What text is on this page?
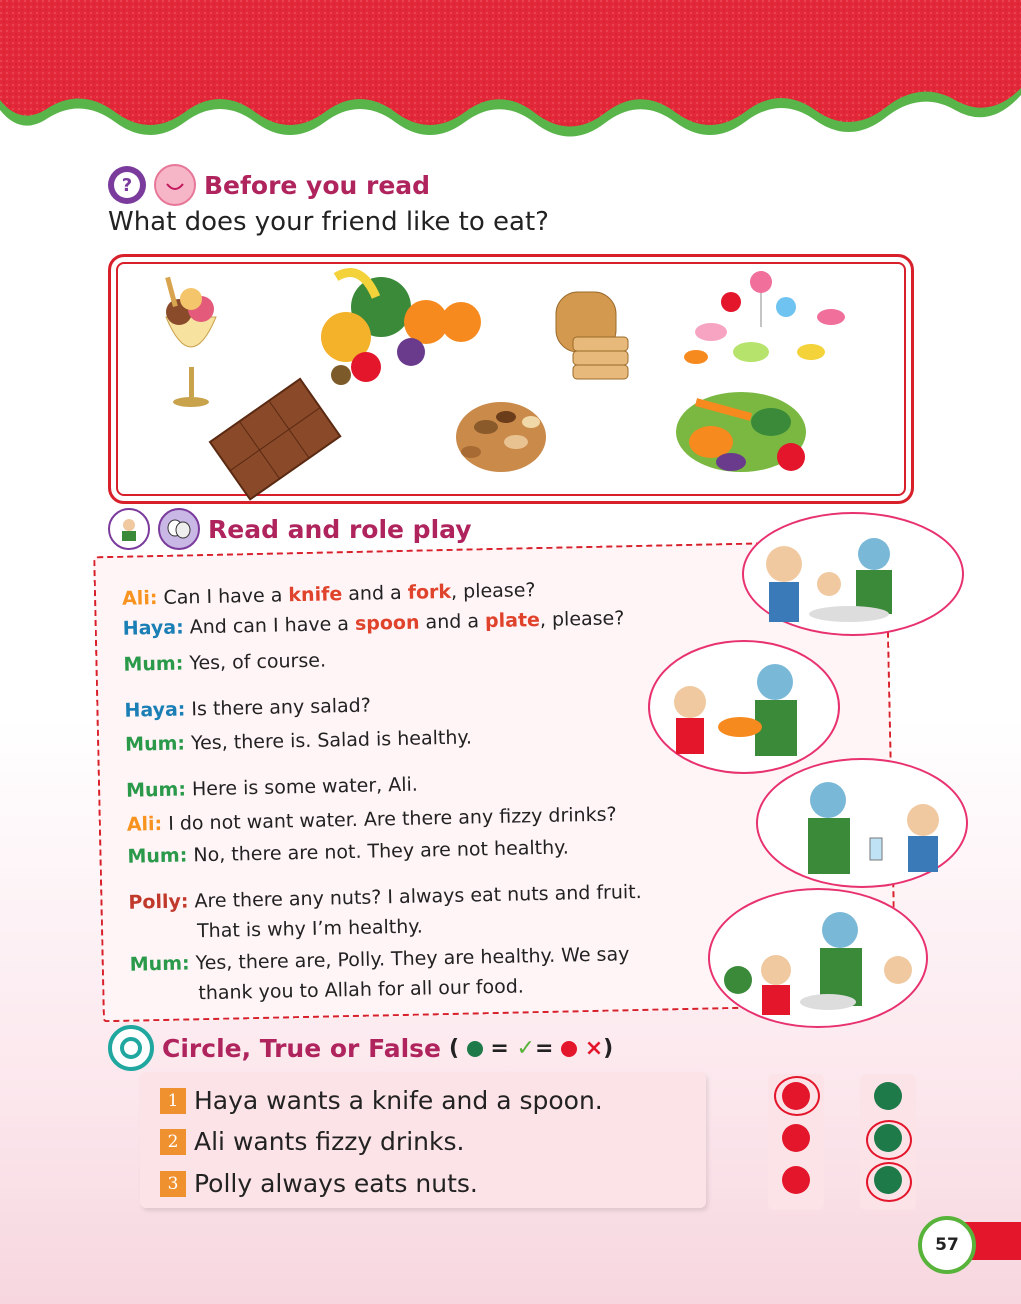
?	Before you read
What does your friend like to eat?
Read and role play
Ali: Can I have a knife and a fork, please?
Haya: And can I have a spoon and a plate, please?
Mum: Yes, of course.
Haya: Is there any salad?
Mum: Yes, there is. Salad is healthy.
Mum: Here is some water, Ali.
Ali: I do not want water. Are there any fizzy drinks?
Mum: No, there are not. They are not healthy.
Polly: Are there any nuts? I always eat nuts and fruit.
That is why I’m healthy.
Mum: Yes, there are, Polly. They are healthy. We say
thank you to Allah for all our food.
Circle, True or False ( = ✓= ×)
1 Haya wants a knife and a spoon.
2 Ali wants fizzy drinks.
3 Polly always eats nuts.
57
